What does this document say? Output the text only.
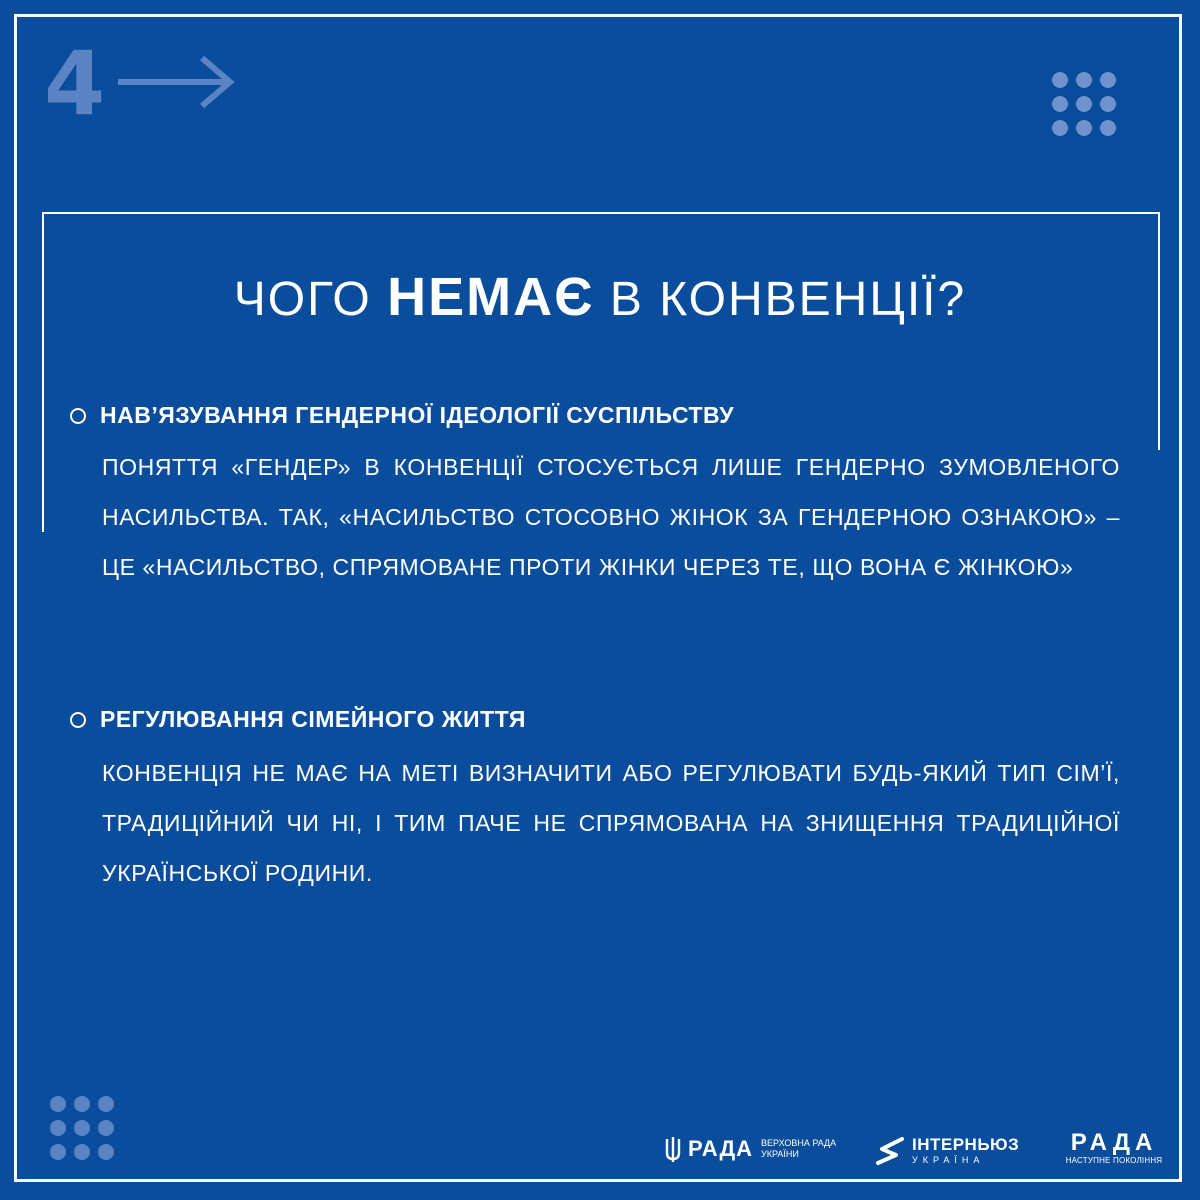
4
ЧОГО НЕМАЄ В КОНВЕНЦІЇ?
НАВ’ЯЗУВАННЯ ГЕНДЕРНОЇ ІДЕОЛОГІЇ СУСПІЛЬСТВУ
ПОНЯТТЯ «ГЕНДЕР» В КОНВЕНЦІЇ СТОСУЄТЬСЯ ЛИШЕ ГЕНДЕРНО ЗУМОВЛЕНОГО НАСИЛЬСТВА. ТАК, «НАСИЛЬСТВО СТОСОВНО ЖІНОК ЗА ГЕНДЕРНОЮ ОЗНАКОЮ» – ЦЕ «НАСИЛЬСТВО, СПРЯМОВАНЕ ПРОТИ ЖІНКИ ЧЕРЕЗ ТЕ, ЩО ВОНА Є ЖІНКОЮ»
РЕГУЛЮВАННЯ СІМЕЙНОГО ЖИТТЯ
КОНВЕНЦІЯ НЕ МАЄ НА МЕТІ ВИЗНАЧИТИ АБО РЕГУЛЮВАТИ БУДЬ-ЯКИЙ ТИП СІМ’Ї, ТРАДИЦІЙНИЙ ЧИ НІ, І ТИМ ПАЧЕ НЕ СПРЯМОВАНА НА ЗНИЩЕННЯ ТРАДИЦІЙНОЇ УКРАЇНСЬКОЇ РОДИНИ.
РАДА ВЕРХОВНА РАДА УКРАЇНИ	ІНТЕРНЬЮЗ
УКРАЇНА
РАДА
НАСТУПНЕ ПОКОЛІННЯ
